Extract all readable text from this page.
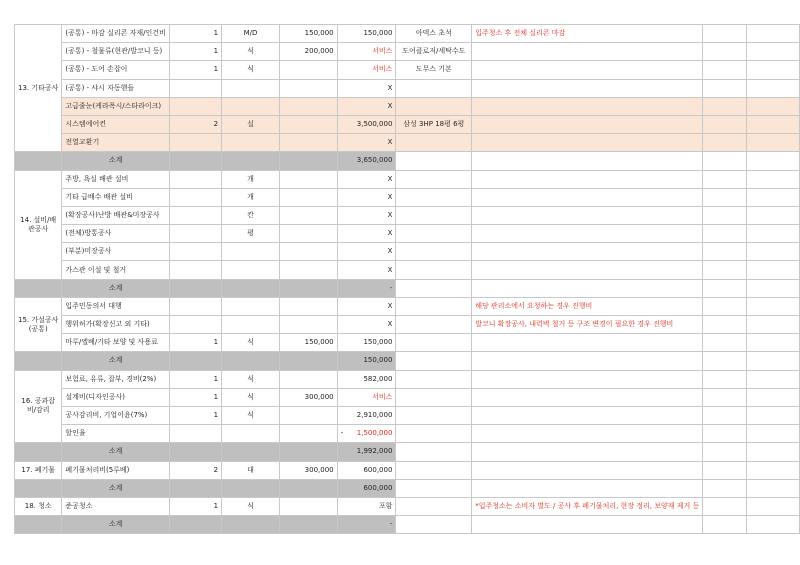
13. 기타공사	(공통) - 마감 실리콘 자재/인건비	1	M/D	150,000	150,000	아덱스 초석	입주청소 후 전체 실리콘 마감		
	(공통) - 철물류(현관/발코니 등)	1	식	200,000	서비스	도어클로저/세탁수도			
	(공통) - 도어 손잡이	1	식		서비스	도무스 기본			
	(공통) - 샤시 자동핸들				X				
	고급줄눈(케라폭시/스타라이크)				X				
	시스템에어컨	2	실		3,500,000	삼성 3HP 18평 6평			
	전열교환기				X				
	소계				3,650,000				
14. 설비/배관공사	주방, 욕실 배관 설비		개		X				
	기타 급배수 배관 설비		개		X				
	(확장공사)난방 배관&미장공사		칸		X				
	(전체)방통공사		평		X				
	(부분)미장공사				X				
	가스관 이설 및 철거				X				
	소계				-				
15. 가설공사 (공통)	입주민동의서 대행				X		해당 관리소에서 요청하는 경우 진행비		
	행위허가(확장신고 외 기타)				X		발코니 확장공사, 내력벽 철거 등 구조 변경이 필요한 경우 진행비		
	마루/엘베/기타 보양 및 사용료	1	식	150,000	150,000				
	소계				150,000				
16. 공과잡비/감리	보험료, 유류, 잡부, 경비(2%)	1	식		582,000				
	설계비(디자인공사)	1	식	300,000	서비스				
	공사감리비, 기업이윤(7%)	1	식		2,910,000				
	할인율				- 1,500,000				
	소계				1,992,000				
17. 폐기물	폐기물처리비(5루베)	2	대	300,000	600,000				
	소계				600,000				
18. 청소	준공청소	1	식		포함		*입주청소는 소비자 별도 / 공사 후 폐기물처리, 현장 정리, 보양재 제거 등		
	소계				-				
